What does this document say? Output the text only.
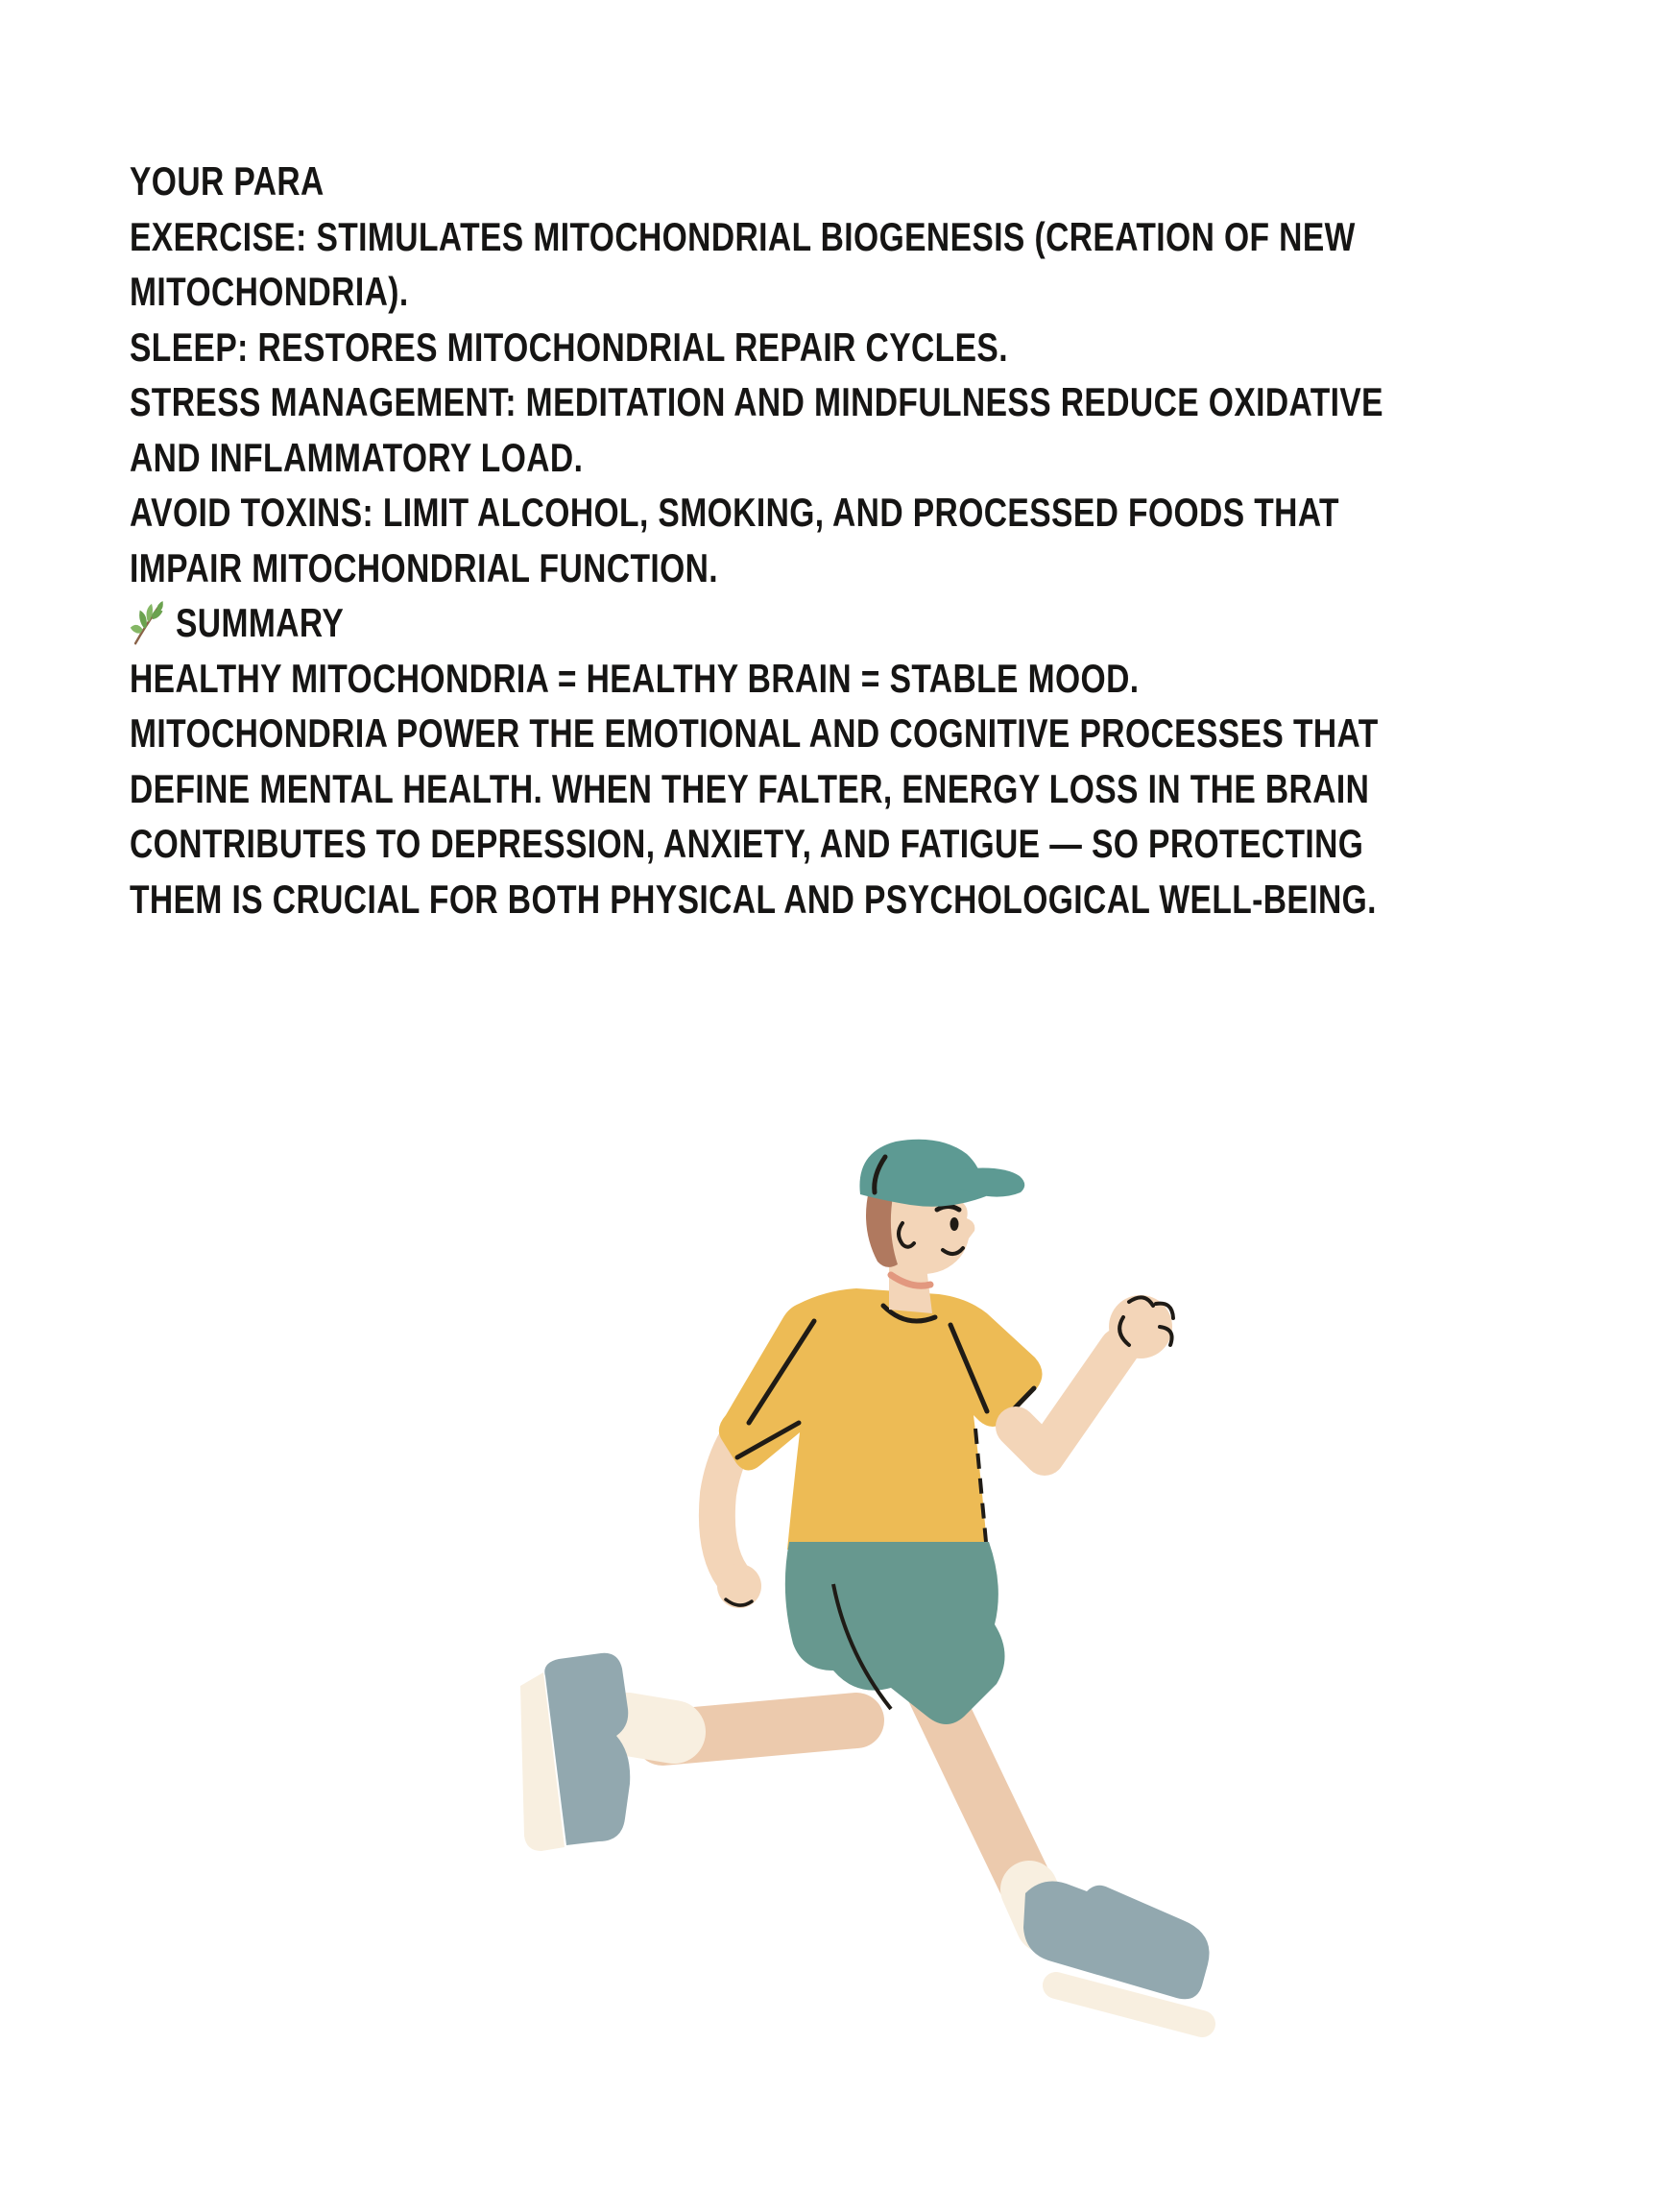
YOUR PARA
EXERCISE: STIMULATES MITOCHONDRIAL BIOGENESIS (CREATION OF NEW
MITOCHONDRIA).
SLEEP: RESTORES MITOCHONDRIAL REPAIR CYCLES.
STRESS MANAGEMENT: MEDITATION AND MINDFULNESS REDUCE OXIDATIVE
AND INFLAMMATORY LOAD.
AVOID TOXINS: LIMIT ALCOHOL, SMOKING, AND PROCESSED FOODS THAT
IMPAIR MITOCHONDRIAL FUNCTION.
SUMMARY
HEALTHY MITOCHONDRIA = HEALTHY BRAIN = STABLE MOOD.
MITOCHONDRIA POWER THE EMOTIONAL AND COGNITIVE PROCESSES THAT
DEFINE MENTAL HEALTH. WHEN THEY FALTER, ENERGY LOSS IN THE BRAIN
CONTRIBUTES TO DEPRESSION, ANXIETY, AND FATIGUE — SO PROTECTING
THEM IS CRUCIAL FOR BOTH PHYSICAL AND PSYCHOLOGICAL WELL-BEING.
